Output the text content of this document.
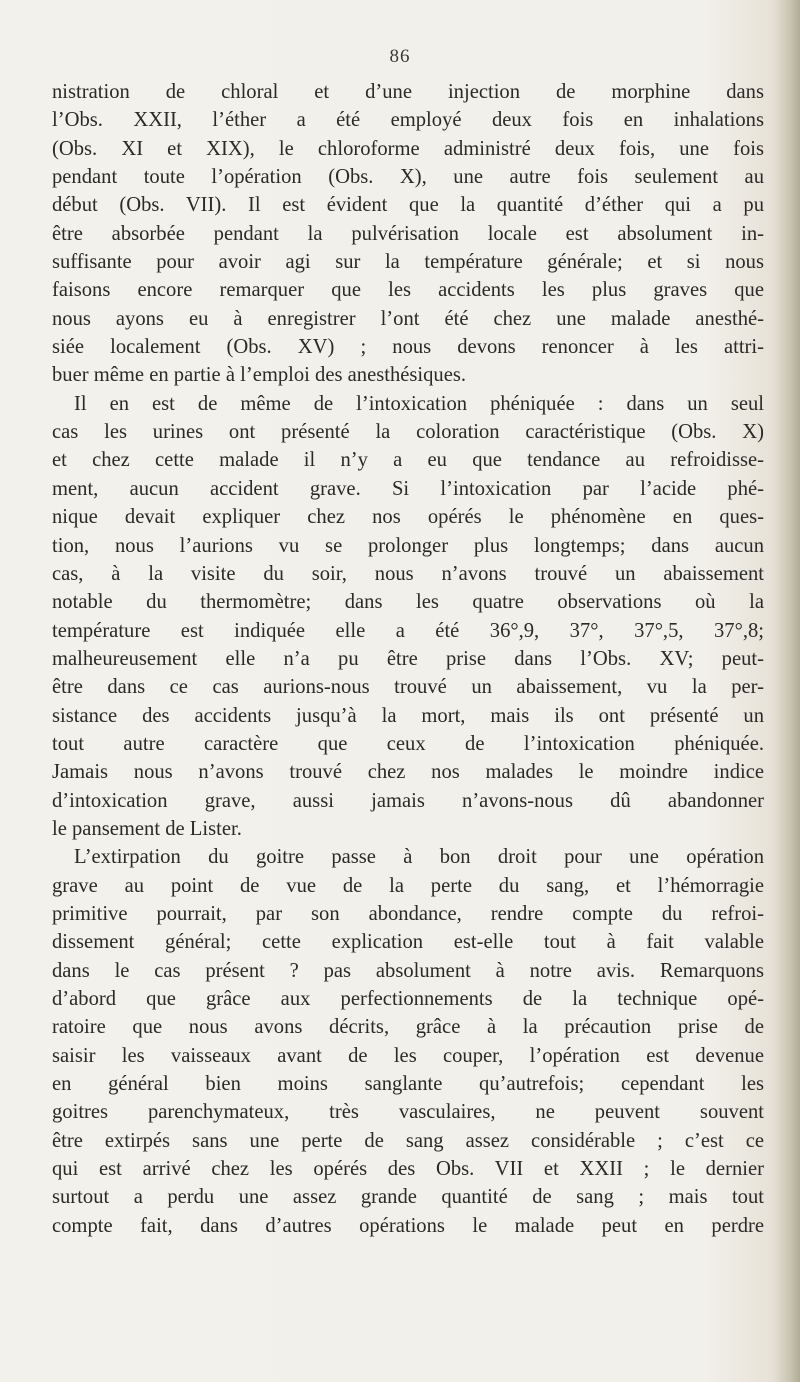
86
nistration de chloral et d’une injection de morphine dans
l’Obs. XXII, l’éther a été employé deux fois en inhalations
(Obs. XI et XIX), le chloroforme administré deux fois, une fois
pendant toute l’opération (Obs. X), une autre fois seulement au
début (Obs. VII). Il est évident que la quantité d’éther qui a pu
être absorbée pendant la pulvérisation locale est absolument in-
suffisante pour avoir agi sur la température générale; et si nous
faisons encore remarquer que les accidents les plus graves que
nous ayons eu à enregistrer l’ont été chez une malade anesthé-
siée localement (Obs. XV) ; nous devons renoncer à les attri-
buer même en partie à l’emploi des anesthésiques.
Il en est de même de l’intoxication phéniquée : dans un seul
cas les urines ont présenté la coloration caractéristique (Obs. X)
et chez cette malade il n’y a eu que tendance au refroidisse-
ment, aucun accident grave. Si l’intoxication par l’acide phé-
nique devait expliquer chez nos opérés le phénomène en ques-
tion, nous l’aurions vu se prolonger plus longtemps; dans aucun
cas, à la visite du soir, nous n’avons trouvé un abaissement
notable du thermomètre; dans les quatre observations où la
température est indiquée elle a été 36°,9, 37°, 37°,5, 37°,8;
malheureusement elle n’a pu être prise dans l’Obs. XV; peut-
être dans ce cas aurions-nous trouvé un abaissement, vu la per-
sistance des accidents jusqu’à la mort, mais ils ont présenté un
tout autre caractère que ceux de l’intoxication phéniquée.
Jamais nous n’avons trouvé chez nos malades le moindre indice
d’intoxication grave, aussi jamais n’avons-nous dû abandonner
le pansement de Lister.
L’extirpation du goitre passe à bon droit pour une opération
grave au point de vue de la perte du sang, et l’hémorragie
primitive pourrait, par son abondance, rendre compte du refroi-
dissement général; cette explication est-elle tout à fait valable
dans le cas présent ? pas absolument à notre avis. Remarquons
d’abord que grâce aux perfectionnements de la technique opé-
ratoire que nous avons décrits, grâce à la précaution prise de
saisir les vaisseaux avant de les couper, l’opération est devenue
en général bien moins sanglante qu’autrefois; cependant les
goitres parenchymateux, très vasculaires, ne peuvent souvent
être extirpés sans une perte de sang assez considérable ; c’est ce
qui est arrivé chez les opérés des Obs. VII et XXII ; le dernier
surtout a perdu une assez grande quantité de sang ; mais tout
compte fait, dans d’autres opérations le malade peut en perdre
